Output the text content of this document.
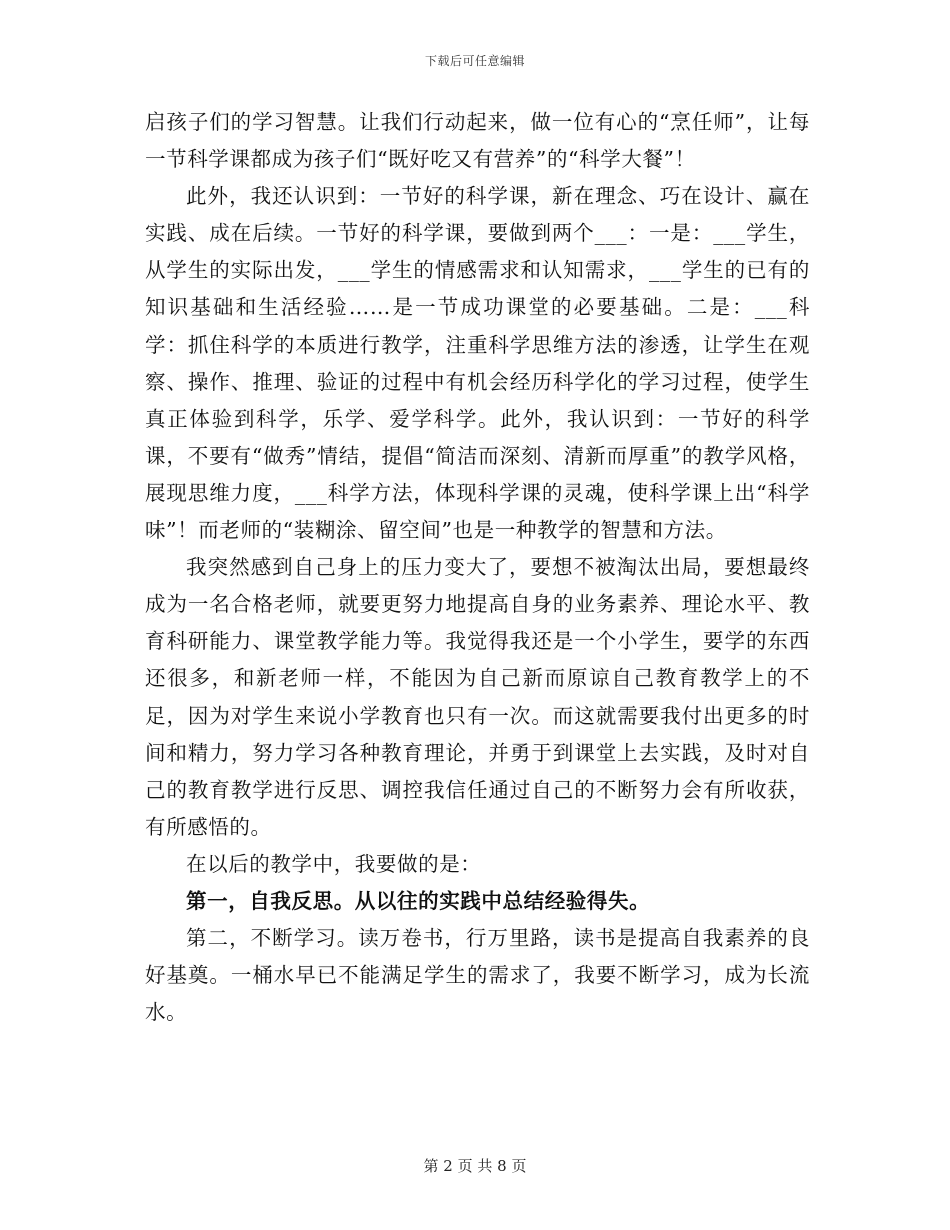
下载后可任意编辑

启孩子们的学习智慧。让我们行动起来，做一位有心的“烹任师”，让每一节科学课都成为孩子们“既好吃又有营养”的“科学大餐”！

此外，我还认识到：一节好的科学课，新在理念、巧在设计、赢在实践、成在后续。一节好的科学课，要做到两个___：一是：___学生，从学生的实际出发，___学生的情感需求和认知需求，___学生的已有的知识基础和生活经验……是一节成功课堂的必要基础。二是：___科学：抓住科学的本质进行教学，注重科学思维方法的渗透，让学生在观察、操作、推理、验证的过程中有机会经历科学化的学习过程，使学生真正体验到科学，乐学、爱学科学。此外，我认识到：一节好的科学课，不要有“做秀”情结，提倡“简洁而深刻、清新而厚重”的教学风格，展现思维力度，___科学方法，体现科学课的灵魂，使科学课上出“科学味”！而老师的“装糊涂、留空间”也是一种教学的智慧和方法。

我突然感到自己身上的压力变大了，要想不被淘汰出局，要想最终成为一名合格老师，就要更努力地提高自身的业务素养、理论水平、教育科研能力、课堂教学能力等。我觉得我还是一个小学生，要学的东西还很多，和新老师一样，不能因为自己新而原谅自己教育教学上的不足，因为对学生来说小学教育也只有一次。而这就需要我付出更多的时间和精力，努力学习各种教育理论，并勇于到课堂上去实践，及时对自己的教育教学进行反思、调控我信任通过自己的不断努力会有所收获，有所感悟的。

在以后的教学中，我要做的是：

第一，自我反思。从以往的实践中总结经验得失。

第二，不断学习。读万卷书，行万里路，读书是提高自我素养的良好基奠。一桶水早已不能满足学生的需求了，我要不断学习，成为长流水。

第 2 页 共 8 页
